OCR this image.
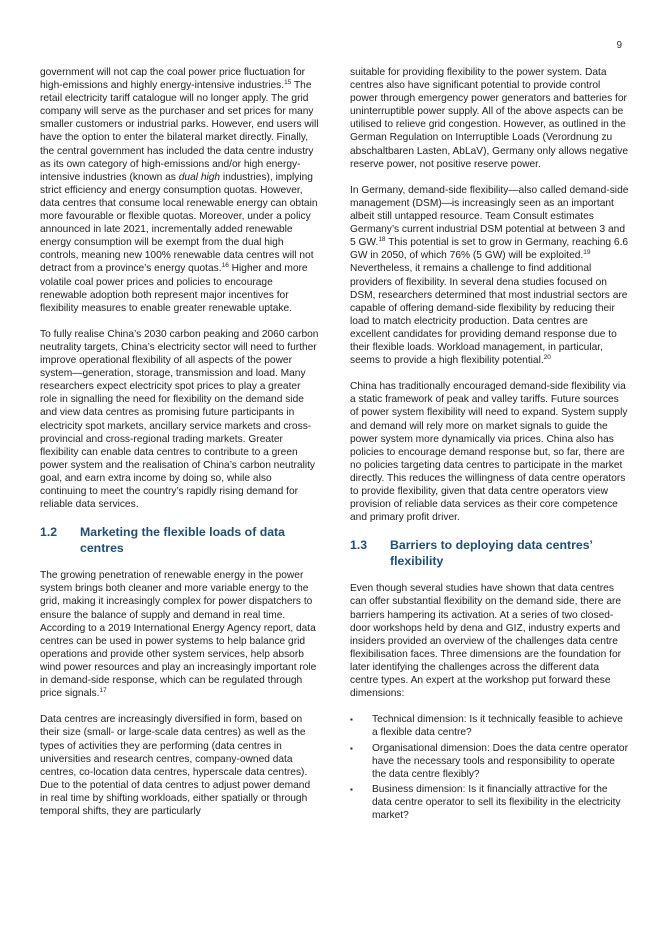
9

government will not cap the coal power price fluctuation for high-emissions and highly energy-intensive industries.$^{15}$ The retail electricity tariff catalogue will no longer apply. The grid company will serve as the purchaser and set prices for many smaller customers or industrial parks. However, end users will have the option to enter the bilateral market directly. Finally, the central government has included the data centre industry as its own category of high-emissions and/or high energy-intensive industries (known as dual high industries), implying strict efficiency and energy consumption quotas. However, data centres that consume local renewable energy can obtain more favourable or flexible quotas. Moreover, under a policy announced in late 2021, incrementally added renewable energy consumption will be exempt from the dual high controls, meaning new 100% renewable data centres will not detract from a province’s energy quotas.$^{16}$ Higher and more volatile coal power prices and policies to encourage renewable adoption both represent major incentives for flexibility measures to enable greater renewable uptake.

To fully realise China’s 2030 carbon peaking and 2060 carbon neutrality targets, China’s electricity sector will need to further improve operational flexibility of all aspects of the power system—generation, storage, transmission and load. Many researchers expect electricity spot prices to play a greater role in signalling the need for flexibility on the demand side and view data centres as promising future participants in electricity spot markets, ancillary service markets and cross-provincial and cross-regional trading markets. Greater flexibility can enable data centres to contribute to a green power system and the realisation of China’s carbon neutrality goal, and earn extra income by doing so, while also continuing to meet the country’s rapidly rising demand for reliable data services.

1.2	Marketing the flexible loads of data centres

The growing penetration of renewable energy in the power system brings both cleaner and more variable energy to the grid, making it increasingly complex for power dispatchers to ensure the balance of supply and demand in real time. According to a 2019 International Energy Agency report, data centres can be used in power systems to help balance grid operations and provide other system services, help absorb wind power resources and play an increasingly important role in demand-side response, which can be regulated through price signals.$^{17}$

Data centres are increasingly diversified in form, based on their size (small- or large-scale data centres) as well as the types of activities they are performing (data centres in universities and research centres, company-owned data centres, co-location data centres, hyperscale data centres). Due to the potential of data centres to adjust power demand in real time by shifting workloads, either spatially or through temporal shifts, they are particularly

suitable for providing flexibility to the power system. Data centres also have significant potential to provide control power through emergency power generators and batteries for uninterruptible power supply. All of the above aspects can be utilised to relieve grid congestion. However, as outlined in the German Regulation on Interruptible Loads (Verordnung zu abschaltbaren Lasten, AbLaV), Germany only allows negative reserve power, not positive reserve power.

In Germany, demand-side flexibility—also called demand-side management (DSM)—is increasingly seen as an important albeit still untapped resource. Team Consult estimates Germany’s current industrial DSM potential at between 3 and 5 GW.$^{18}$ This potential is set to grow in Germany, reaching 6.6 GW in 2050, of which 76% (5 GW) will be exploited.$^{19}$ Nevertheless, it remains a challenge to find additional providers of flexibility. In several dena studies focused on DSM, researchers determined that most industrial sectors are capable of offering demand-side flexibility by reducing their load to match electricity production. Data centres are excellent candidates for providing demand response due to their flexible loads. Workload management, in particular, seems to provide a high flexibility potential.$^{20}$

China has traditionally encouraged demand-side flexibility via a static framework of peak and valley tariffs. Future sources of power system flexibility will need to expand. System supply and demand will rely more on market signals to guide the power system more dynamically via prices. China also has policies to encourage demand response but, so far, there are no policies targeting data centres to participate in the market directly. This reduces the willingness of data centre operators to provide flexibility, given that data centre operators view provision of reliable data services as their core competence and primary profit driver.

1.3	Barriers to deploying data centres’ flexibility

Even though several studies have shown that data centres can offer substantial flexibility on the demand side, there are barriers hampering its activation. At a series of two closed-door workshops held by dena and GIZ, industry experts and insiders provided an overview of the challenges data centre flexibilisation faces. Three dimensions are the foundation for later identifying the challenges across the different data centre types. An expert at the workshop put forward these dimensions:

▪ Technical dimension: Is it technically feasible to achieve a flexible data centre?
▪ Organisational dimension: Does the data centre operator have the necessary tools and responsibility to operate the data centre flexibly?
▪ Business dimension: Is it financially attractive for the data centre operator to sell its flexibility in the electricity market?
